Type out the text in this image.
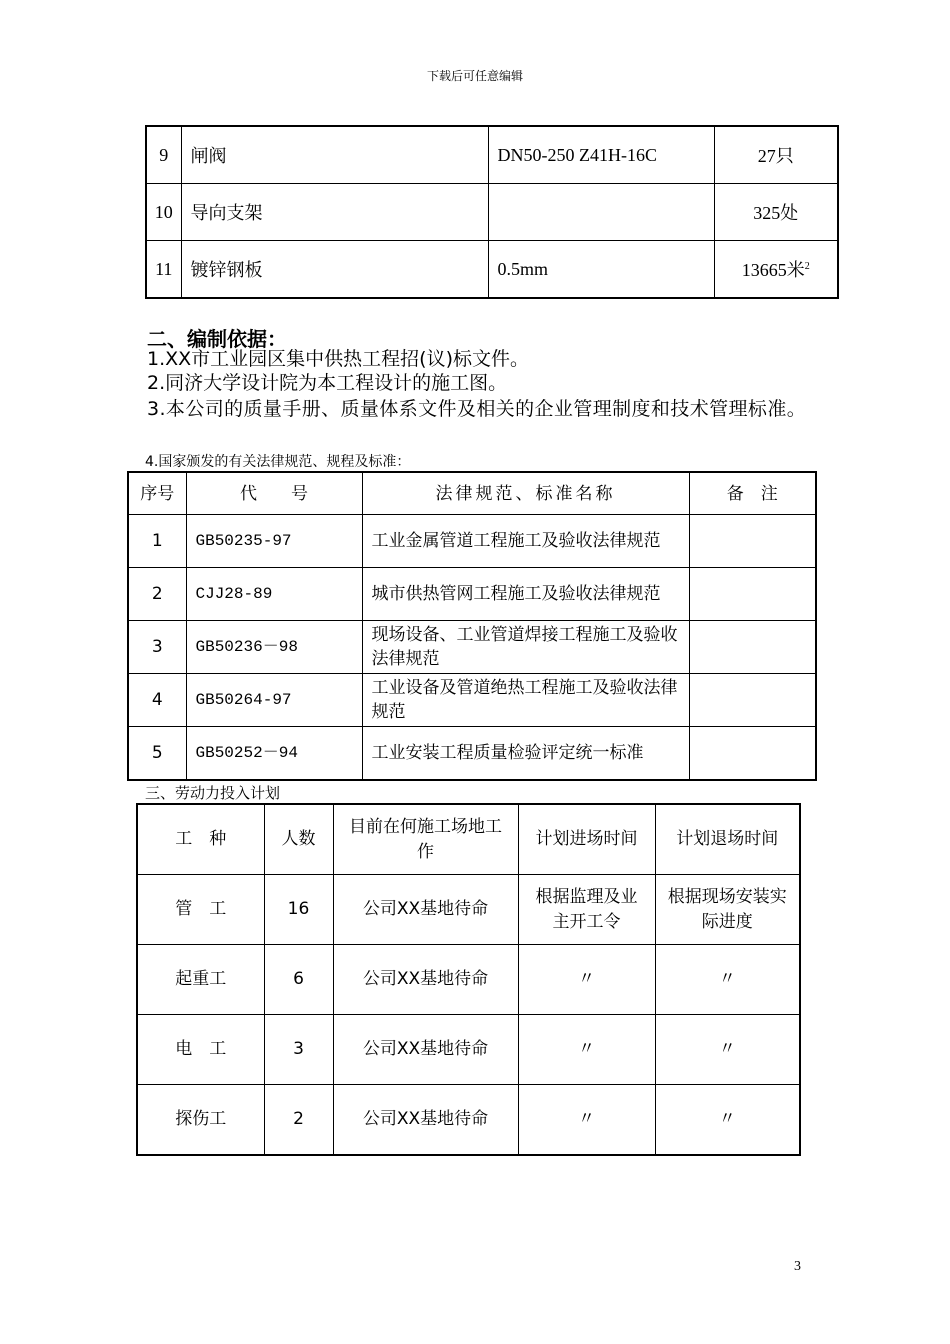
下载后可任意编辑
9	闸阀	DN50-250 Z41H-16C	27只
10	导向支架		325处
11	镀锌钢板	0.5mm	13665米$^2$
二、编制依据：
1.XX市工业园区集中供热工程招(议)标文件。
2.同济大学设计院为本工程设计的施工图。
3.本公司的质量手册、质量体系文件及相关的企业管理制度和技术管理标准。
4.国家颁发的有关法律规范、规程及标准：
序号	代　　号	法律规范、标准名称	备　注
1	GB50235-97	工业金属管道工程施工及验收法律规范	
2	CJJ28-89	城市供热管网工程施工及验收法律规范	
3	GB50236－98	现场设备、工业管道焊接工程施工及验收法律规范	
4	GB50264-97	工业设备及管道绝热工程施工及验收法律规范	
5	GB50252－94	工业安装工程质量检验评定统一标准	
三、劳动力投入计划
工　种	人数	目前在何施工场地工作	计划进场时间	计划退场时间
管　工	16	公司XX基地待命	根据监理及业主开工令	根据现场安装实际进度
起重工	6	公司XX基地待命	〃	〃
电　工	3	公司XX基地待命	〃	〃
探伤工	2	公司XX基地待命	〃	〃
3
